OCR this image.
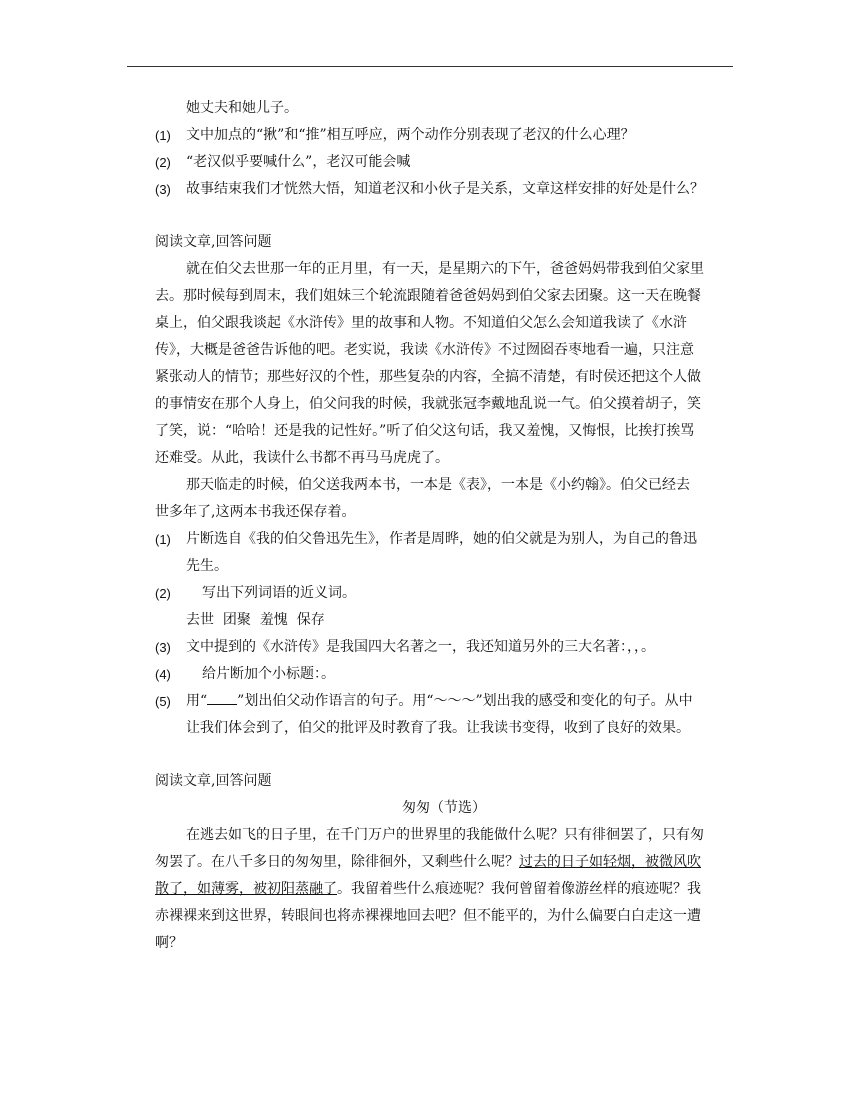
她丈夫和她儿子。
(1) 文中加点的“揪”和“推”相互呼应，两个动作分别表现了老汉的什么心理？
(2) “老汉似乎要喊什么”，老汉可能会喊
(3) 故事结束我们才恍然大悟，知道老汉和小伙子是关系，文章这样安排的好处是什么？
阅读文章,回答问题
就在伯父去世那一年的正月里，有一天，是星期六的下午，爸爸妈妈带我到伯父家里
去。那时候每到周末，我们姐妹三个轮流跟随着爸爸妈妈到伯父家去团聚。这一天在晚餐
桌上，伯父跟我谈起《水浒传》里的故事和人物。不知道伯父怎么会知道我读了《水浒
传》，大概是爸爸告诉他的吧。老实说，我读《水浒传》不过囫囵吞枣地看一遍，只注意
紧张动人的情节；那些好汉的个性，那些复杂的内容，全搞不清楚，有时侯还把这个人做
的事情安在那个人身上，伯父问我的时候，我就张冠李戴地乱说一气。伯父摸着胡子，笑
了笑，说：“哈哈！还是我的记性好。”听了伯父这句话，我又羞愧，又悔恨，比挨打挨骂
还难受。从此，我读什么书都不再马马虎虎了。
那天临走的时候，伯父送我两本书，一本是《表》，一本是《小约翰》。伯父已经去
世多年了,这两本书我还保存着。
(1) 片断选自《我的伯父鲁迅先生》，作者是周晔，她的伯父就是为别人，为自己的鲁迅
先生。
(2) 写出下列词语的近义词。
去世  团聚  羞愧  保存
(3) 文中提到的《水浒传》是我国四大名著之一，我还知道另外的三大名著：，，。
(4) 给片断加个小标题：。
(5) 用“ ”划出伯父动作语言的句子。用“～～～”划出我的感受和变化的句子。从中
让我们体会到了，伯父的批评及时教育了我。让我读书变得，收到了良好的效果。
阅读文章,回答问题
匆匆（节选）
在逃去如飞的日子里，在千门万户的世界里的我能做什么呢？只有徘徊罢了，只有匆
匆罢了。在八千多日的匆匆里，除徘徊外，又剩些什么呢？过去的日子如轻烟，被微风吹
散了，如薄雾，被初阳蒸融了。我留着些什么痕迹呢？我何曾留着像游丝样的痕迹呢？我
赤裸裸来到这世界，转眼间也将赤裸裸地回去吧？但不能平的，为什么偏要白白走这一遭
啊？
